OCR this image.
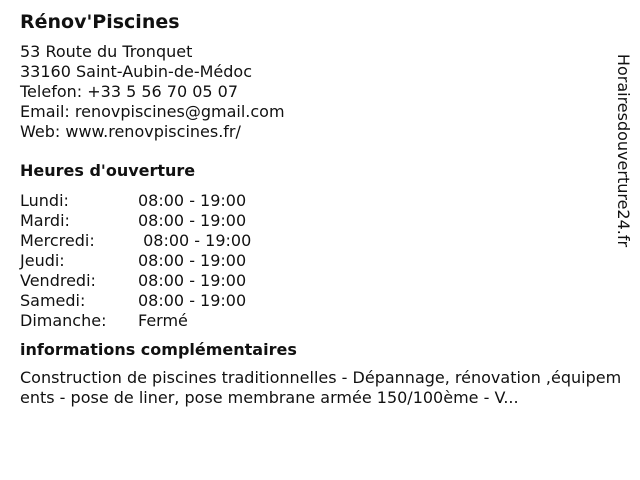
Rénov'Piscines
53 Route du Tronquet
33160 Saint-Aubin-de-Médoc
Telefon: +33 5 56 70 05 07
Email: renovpiscines@gmail.com
Web: www.renovpiscines.fr/
Heures d'ouverture
Lundi:	08:00 - 19:00
Mardi:	08:00 - 19:00
Mercredi:	08:00 - 19:00
Jeudi:	08:00 - 19:00
Vendredi:	08:00 - 19:00
Samedi:	08:00 - 19:00
Dimanche:	Fermé
informations complémentaires
Construction de piscines traditionnelles - Dépannage, rénovation ,équipements - pose de liner, pose membrane armée 150/100ème - V...
Horairesdouverture24.fr
